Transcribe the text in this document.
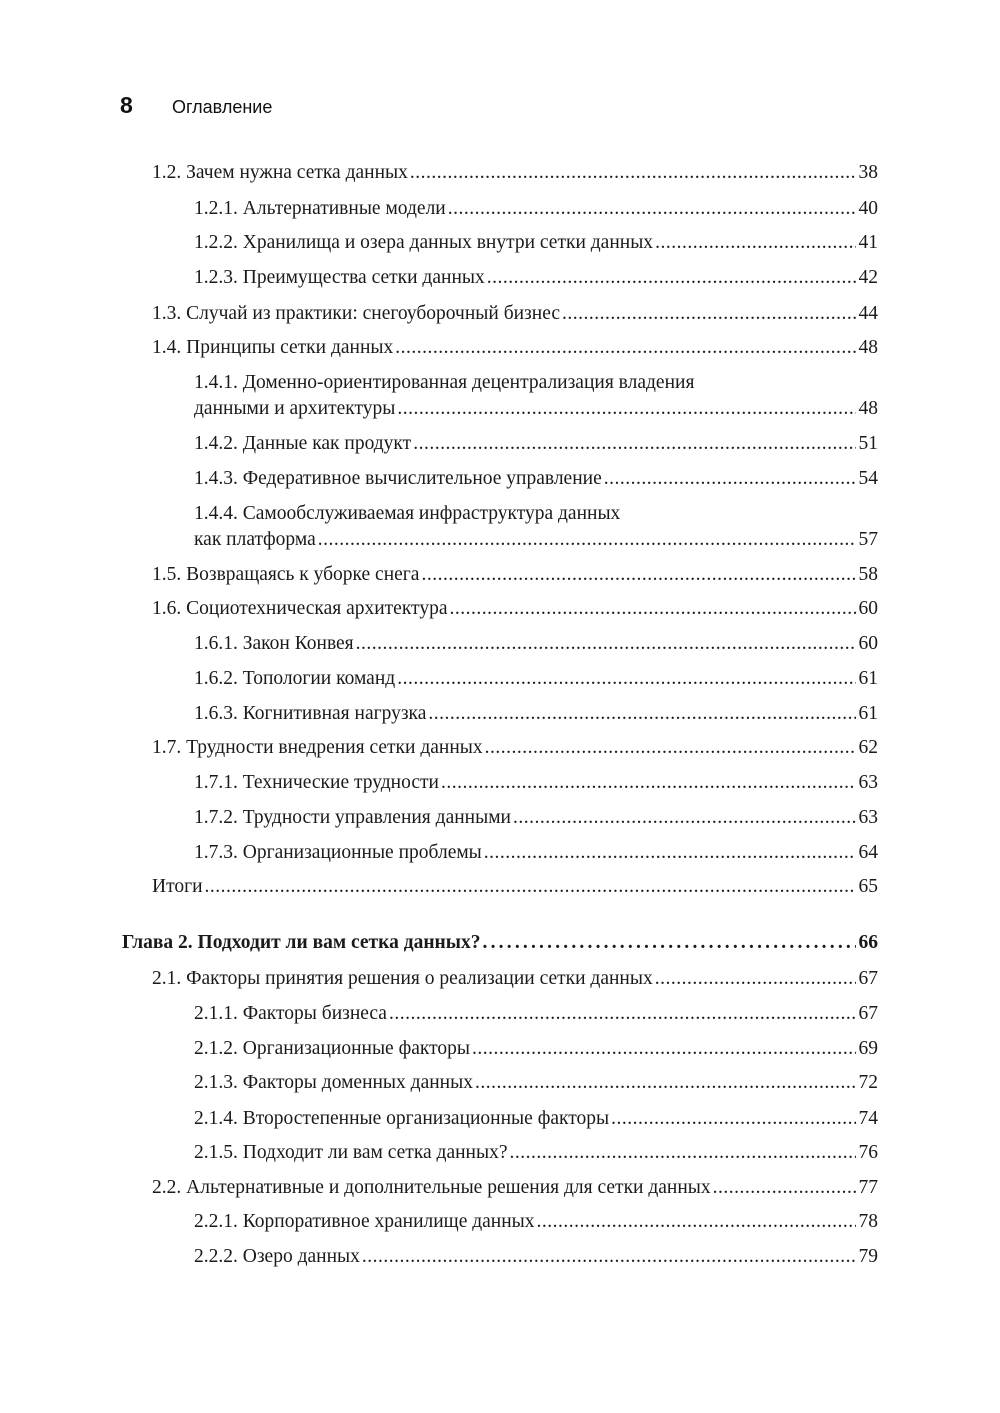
8	Оглавление
1.2. Зачем нужна сетка данных .....	38
1.2.1. Альтернативные модели .....	40
1.2.2. Хранилища и озера данных внутри сетки данных .....	41
1.2.3. Преимущества сетки данных .....	42
1.3. Случай из практики: снегоуборочный бизнес .....	44
1.4. Принципы сетки данных .....	48
1.4.1. Доменно-ориентированная децентрализация владения
данными и архитектуры .....	48
1.4.2. Данные как продукт .....	51
1.4.3. Федеративное вычислительное управление .....	54
1.4.4. Самообслуживаемая инфраструктура данных
как платформа .....	57
1.5. Возвращаясь к уборке снега .....	58
1.6. Социотехническая архитектура .....	60
1.6.1. Закон Конвея .....	60
1.6.2. Топологии команд .....	61
1.6.3. Когнитивная нагрузка .....	61
1.7. Трудности внедрения сетки данных .....	62
1.7.1. Технические трудности .....	63
1.7.2. Трудности управления данными .....	63
1.7.3. Организационные проблемы .....	64
Итоги .....	65
Глава 2. Подходит ли вам сетка данных? .....	66
2.1. Факторы принятия решения о реализации сетки данных .....	67
2.1.1. Факторы бизнеса .....	67
2.1.2. Организационные факторы .....	69
2.1.3. Факторы доменных данных .....	72
2.1.4. Второстепенные организационные факторы .....	74
2.1.5. Подходит ли вам сетка данных? .....	76
2.2. Альтернативные и дополнительные решения для сетки данных .....	77
2.2.1. Корпоративное хранилище данных .....	78
2.2.2. Озеро данных .....	79
